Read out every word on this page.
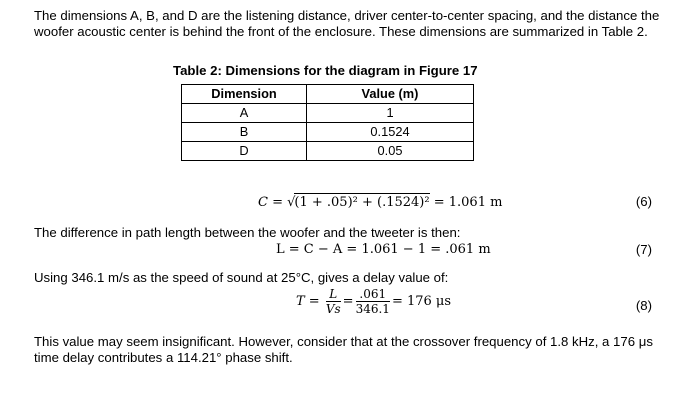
The dimensions A, B, and D are the listening distance, driver center-to-center spacing, and the distance the woofer acoustic center is behind the front of the enclosure. These dimensions are summarized in Table 2.
Table 2: Dimensions for the diagram in Figure 17
Dimension	Value (m)
A	1
B	0.1524
D	0.05
C = √(1 + .05)² + (.1524)² = 1.061 m	(6)
The difference in path length between the woofer and the tweeter is then:
L = C − A = 1.061 − 1 = .061 m	(7)
Using 346.1 m/s as the speed of sound at 25°C, gives a delay value of:
$T = \frac{L}{Vs} = \frac{.061}{346.1} = 176$ μs	(8)
This value may seem insignificant. However, consider that at the crossover frequency of 1.8 kHz, a 176 μs time delay contributes a 114.21° phase shift.
